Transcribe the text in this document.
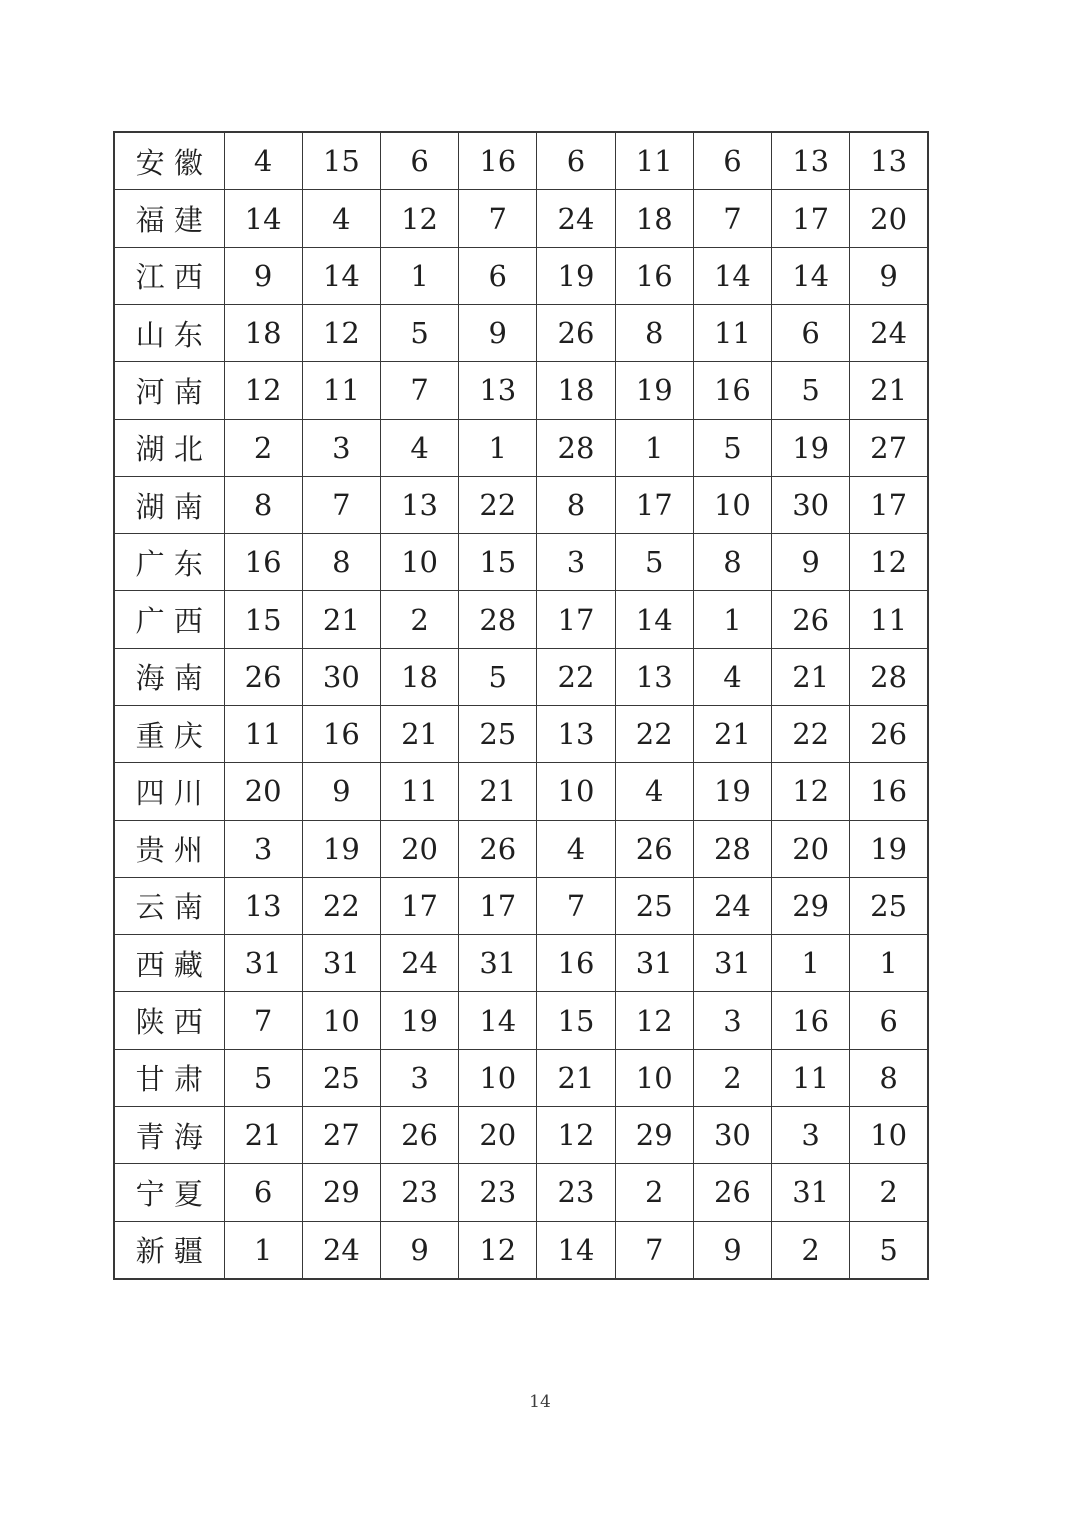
安徽	4	15	6	16	6	11	6	13	13
福建	14	4	12	7	24	18	7	17	20
江西	9	14	1	6	19	16	14	14	9
山东	18	12	5	9	26	8	11	6	24
河南	12	11	7	13	18	19	16	5	21
湖北	2	3	4	1	28	1	5	19	27
湖南	8	7	13	22	8	17	10	30	17
广东	16	8	10	15	3	5	8	9	12
广西	15	21	2	28	17	14	1	26	11
海南	26	30	18	5	22	13	4	21	28
重庆	11	16	21	25	13	22	21	22	26
四川	20	9	11	21	10	4	19	12	16
贵州	3	19	20	26	4	26	28	20	19
云南	13	22	17	17	7	25	24	29	25
西藏	31	31	24	31	16	31	31	1	1
陕西	7	10	19	14	15	12	3	16	6
甘肃	5	25	3	10	21	10	2	11	8
青海	21	27	26	20	12	29	30	3	10
宁夏	6	29	23	23	23	2	26	31	2
新疆	1	24	9	12	14	7	9	2	5
14
